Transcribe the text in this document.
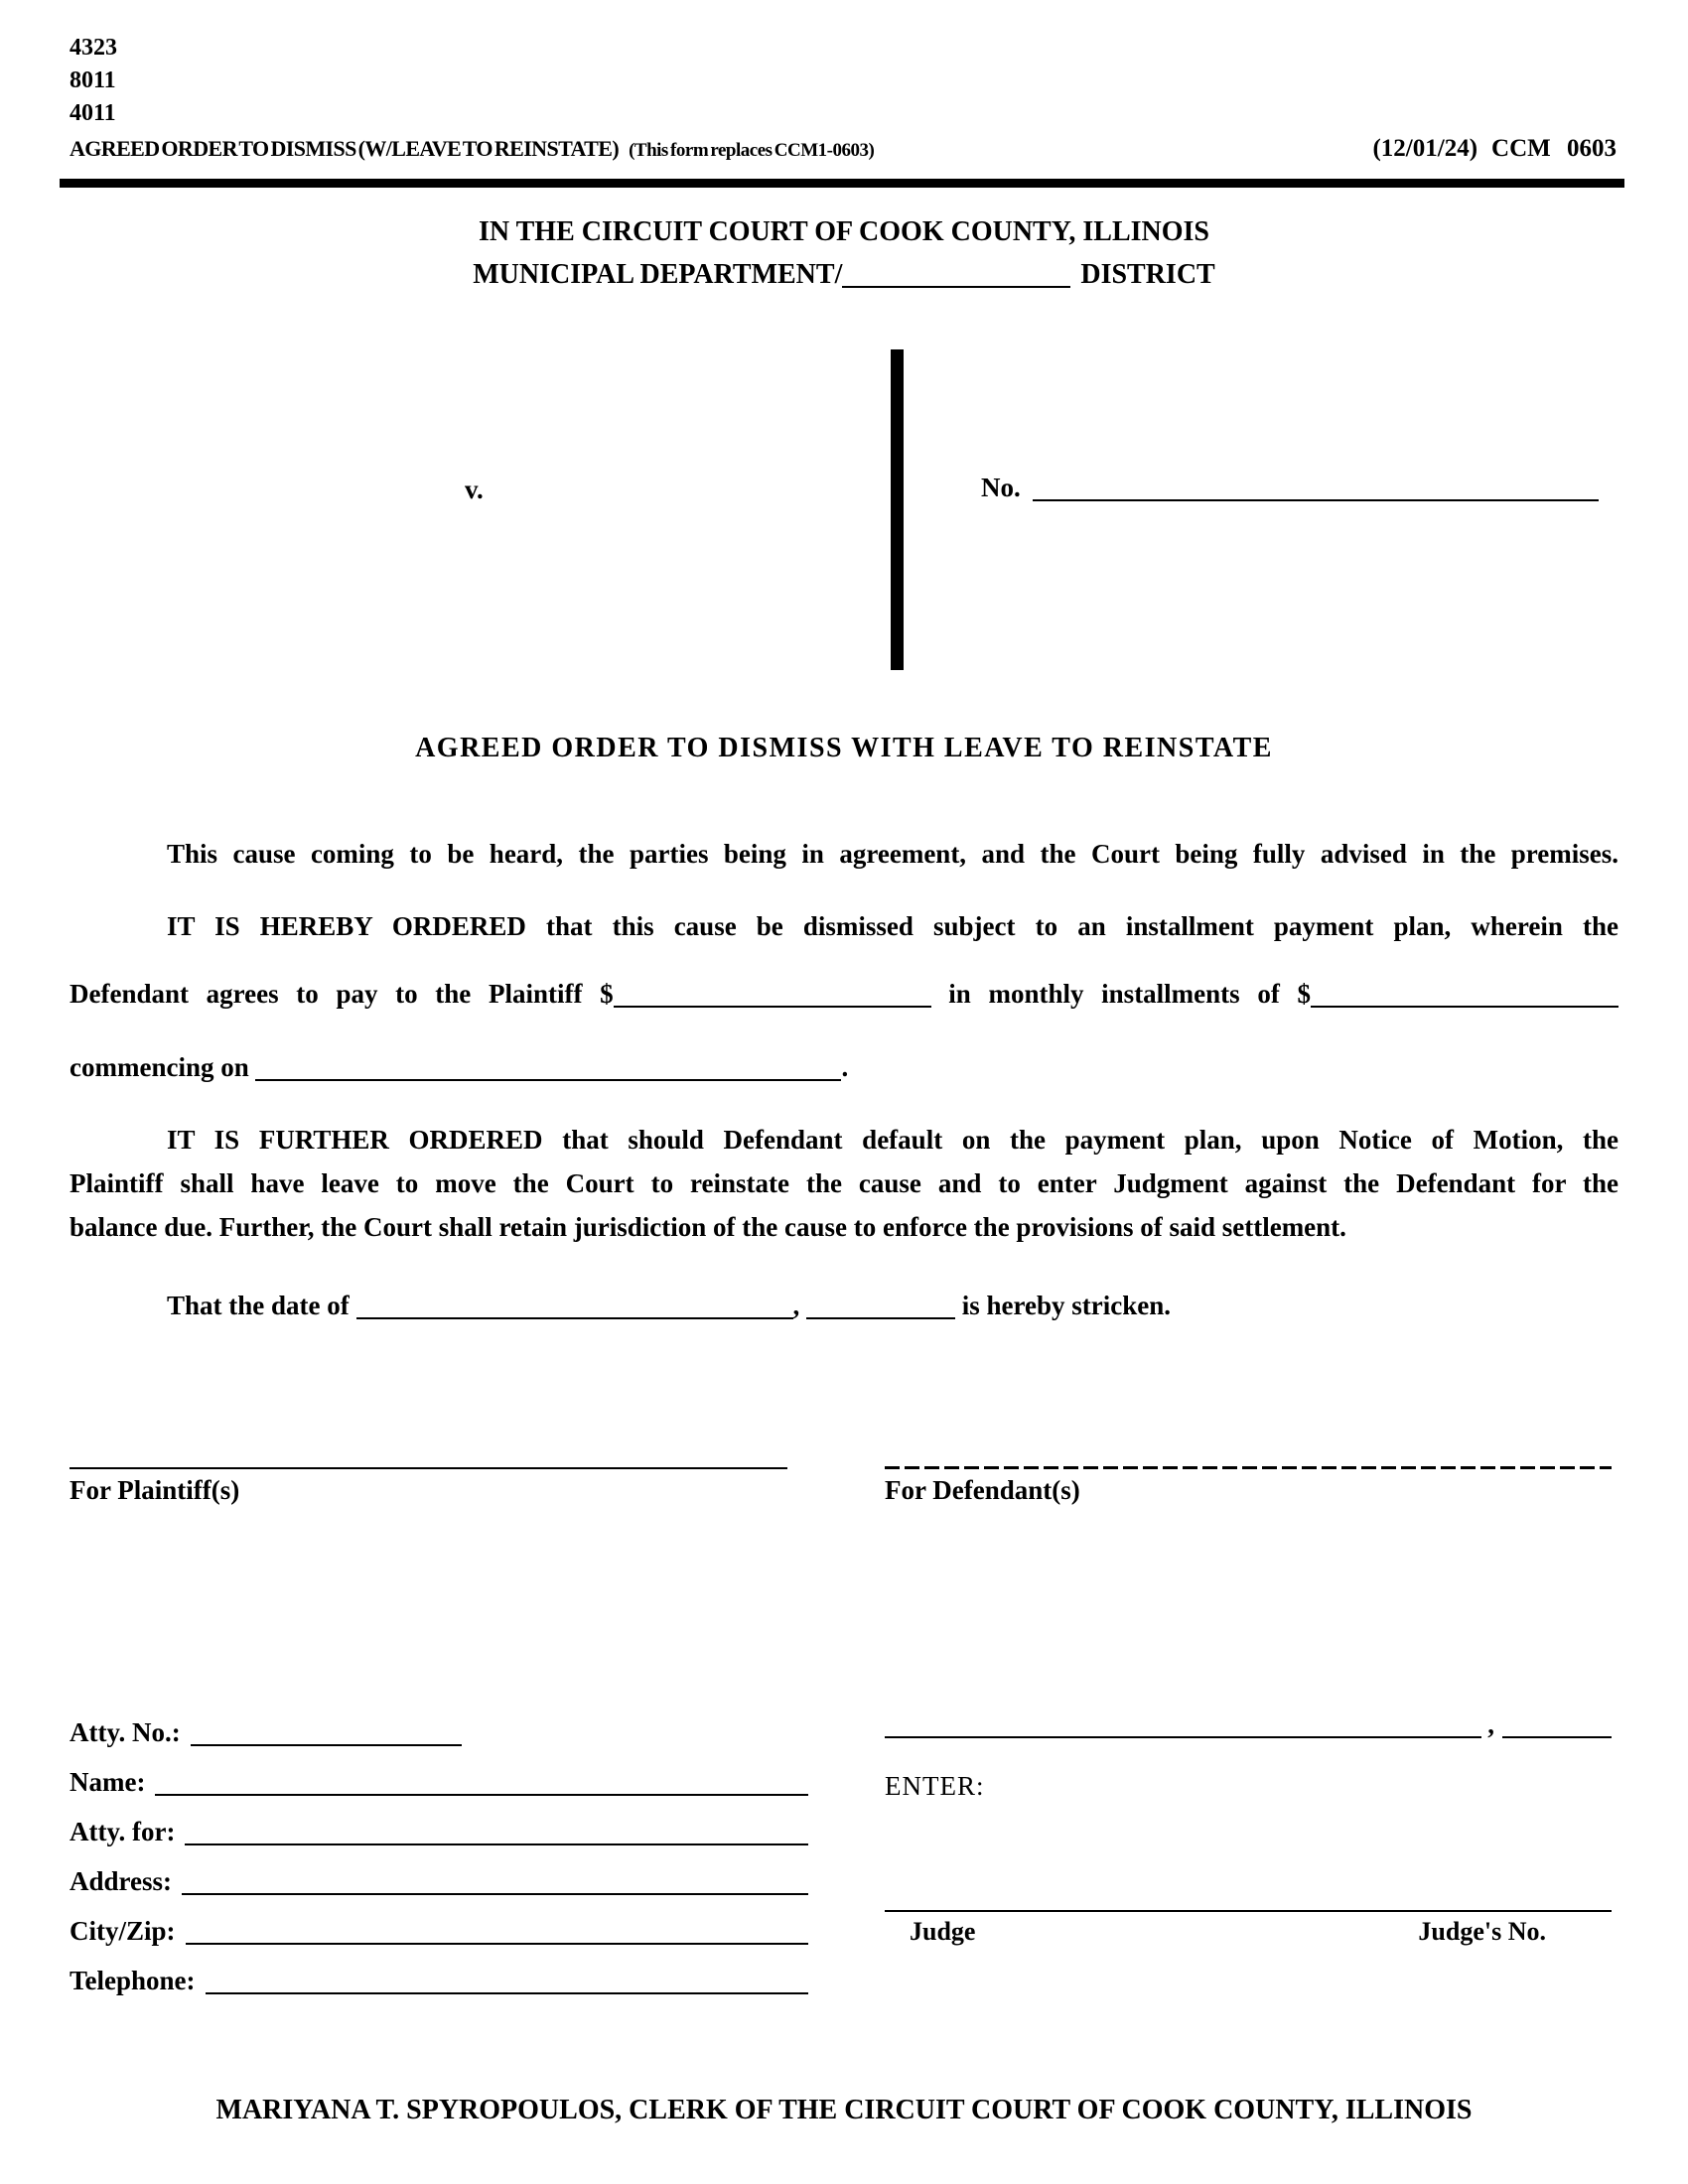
4323
8011
4011
AGREED ORDER TO DISMISS (W/LEAVE TO REINSTATE) (This form replaces CCM1-0603)	(12/01/24) CCM 0603
IN THE CIRCUIT COURT OF COOK COUNTY, ILLINOIS
MUNICIPAL DEPARTMENT/	DISTRICT
v.	No.
AGREED ORDER TO DISMISS WITH LEAVE TO REINSTATE
This cause coming to be heard, the parties being in agreement, and the Court being fully advised in the premises.
IT IS HEREBY ORDERED that this cause be dismissed subject to an installment payment plan, wherein the
Defendant agrees to pay to the Plaintiff $	in monthly installments of $
commencing on	.
IT IS FURTHER ORDERED that should Defendant default on the payment plan, upon Notice of Motion, the
Plaintiff shall have leave to move the Court to reinstate the cause and to enter Judgment against the Defendant for the
balance due. Further, the Court shall retain jurisdiction of the cause to enforce the provisions of said settlement.
That the date of	,	is hereby stricken.
For Plaintiff(s)	For Defendant(s)
Atty. No.:
Name:
Atty. for:
Address:
City/Zip:
Telephone:
,
ENTER:
Judge	Judge's No.
MARIYANA T. SPYROPOULOS, CLERK OF THE CIRCUIT COURT OF COOK COUNTY, ILLINOIS
